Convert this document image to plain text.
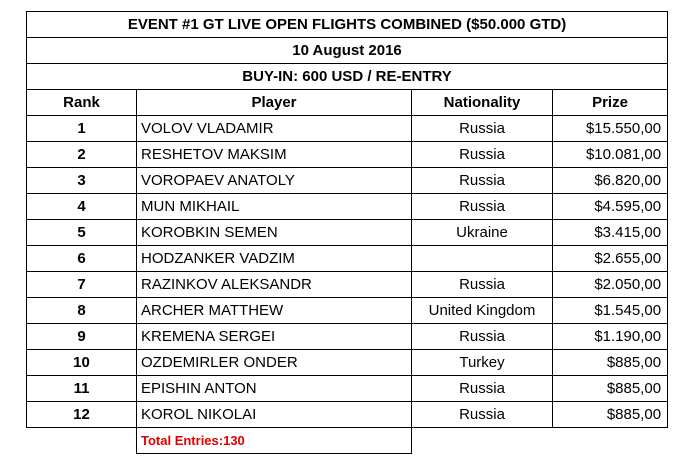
EVENT #1 GT LIVE OPEN FLIGHTS COMBINED ($50.000 GTD)			
10 August 2016			
BUY-IN: 600 USD / RE-ENTRY			
Rank	Player	Nationality	Prize
1	VOLOV VLADAMIR	Russia	$15.550,00
2	RESHETOV MAKSIM	Russia	$10.081,00
3	VOROPAEV ANATOLY	Russia	$6.820,00
4	MUN MIKHAIL	Russia	$4.595,00
5	KOROBKIN SEMEN	Ukraine	$3.415,00
6	HODZANKER VADZIM		$2.655,00
7	RAZINKOV ALEKSANDR	Russia	$2.050,00
8	ARCHER MATTHEW	United Kingdom	$1.545,00
9	KREMENA SERGEI	Russia	$1.190,00
10	OZDEMIRLER ONDER	Turkey	$885,00
11	EPISHIN ANTON	Russia	$885,00
12	KOROL NIKOLAI	Russia	$885,00
	Total Entries:130		
